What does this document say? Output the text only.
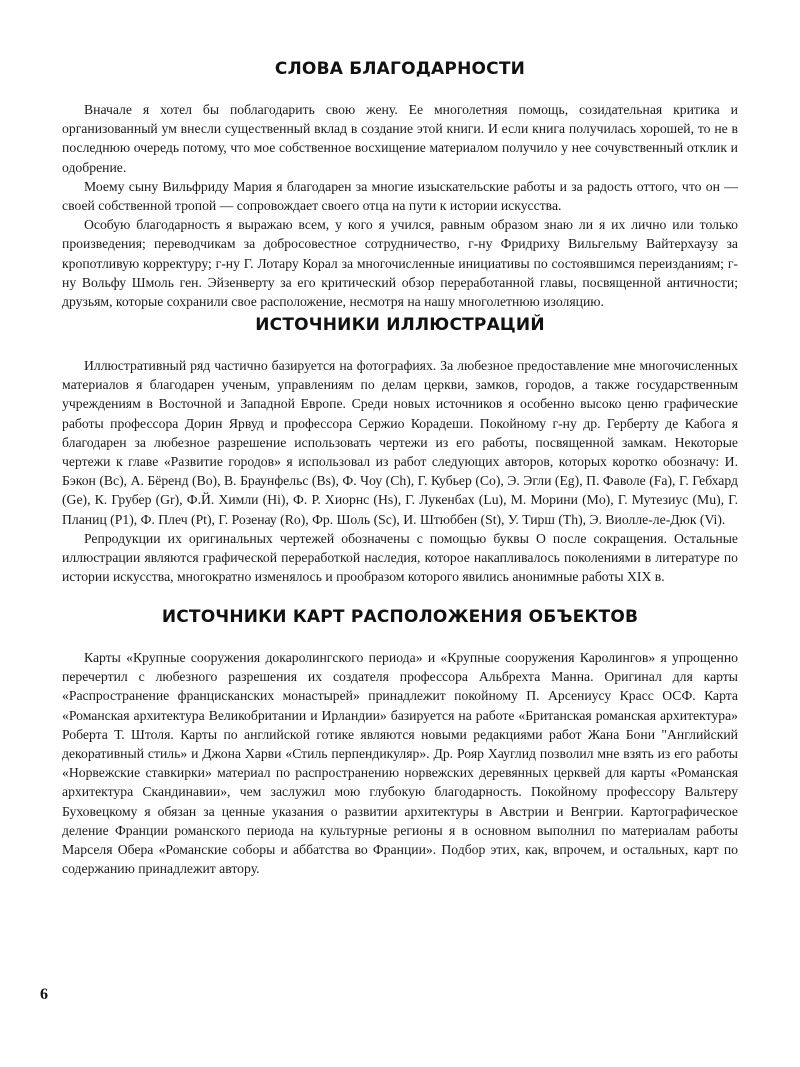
СЛОВА БЛАГОДАРНОСТИ

Вначале я хотел бы поблагодарить свою жену. Ее многолетняя помощь, созидательная критика и организованный ум внесли существенный вклад в создание этой книги. И если книга получилась хорошей, то не в последнюю очередь потому, что мое собственное восхищение материалом получило у нее сочувственный отклик и одобрение.

Моему сыну Вильфриду Мария я благодарен за многие изыскательские работы и за радость оттого, что он — своей собственной тропой — сопровождает своего отца на пути к истории искусства.

Особую благодарность я выражаю всем, у кого я учился, равным образом знаю ли я их лично или только произведения; переводчикам за добросовестное сотрудничество, г-ну Фридриху Вильгельму Вайтерхаузу за кропотливую корректуру; г-ну Г. Лотару Корал за многочисленные инициативы по состоявшимся переизданиям; г-ну Вольфу Шмоль ген. Эйзенверту за его критический обзор переработанной главы, посвященной античности; друзьям, которые сохранили свое расположение, несмотря на нашу многолетнюю изоляцию.

ИСТОЧНИКИ ИЛЛЮСТРАЦИЙ

Иллюстративный ряд частично базируется на фотографиях. За любезное предоставление мне многочисленных материалов я благодарен ученым, управлениям по делам церкви, замков, городов, а также государственным учреждениям в Восточной и Западной Европе. Среди новых источников я особенно высоко ценю графические работы профессора Дорин Ярвуд и профессора Сержио Корадеши. Покойному г-ну др. Герберту де Кабога я благодарен за любезное разрешение использовать чертежи из его работы, посвященной замкам. Некоторые чертежи к главе «Развитие городов» я использовал из работ следующих авторов, которых коротко обозначу: И. Бэкон (Bc), А. Бёренд (Bo), В. Браунфельс (Bs), Ф. Чоу (Ch), Г. Кубьер (Co), Э. Эгли (Eg), П. Фаволе (Fa), Г. Гебхард (Ge), К. Грубер (Gr), Ф.Й. Химли (Hi), Ф. Р. Хиорнс (Hs), Г. Лукенбах (Lu), М. Морини (Mo), Г. Мутезиус (Mu), Г. Планиц (P1), Ф. Плеч (Pt), Г. Розенау (Ro), Фр. Шоль (Sc), И. Штюббен (St), У. Тирш (Th), Э. Виолле-ле-Дюк (Vi).

Репродукции их оригинальных чертежей обозначены с помощью буквы О после сокращения. Остальные иллюстрации являются графической переработкой наследия, которое накапливалось поколениями в литературе по истории искусства, многократно изменялось и прообразом которого явились анонимные работы XIX в.

ИСТОЧНИКИ КАРТ РАСПОЛОЖЕНИЯ ОБЪЕКТОВ

Карты «Крупные сооружения докаролингского периода» и «Крупные сооружения Каролингов» я упрощенно перечертил с любезного разрешения их создателя профессора Альбрехта Манна. Оригинал для карты «Распространение францисканских монастырей» принадлежит покойному П. Арсениусу Красс ОСФ. Карта «Романская архитектура Великобритании и Ирландии» базируется на работе «Британская романская архитектура» Роберта Т. Штоля. Карты по английской готике являются новыми редакциями работ Жана Бони "Английский декоративный стиль» и Джона Харви «Стиль перпендикуляр». Др. Рояр Хауглид позволил мне взять из его работы «Норвежские ставкирки» материал по распространению норвежских деревянных церквей для карты «Романская архитектура Скандинавии», чем заслужил мою глубокую благодарность. Покойному профессору Вальтеру Буховецкому я обязан за ценные указания о развитии архитектуры в Австрии и Венгрии. Картографическое деление Франции романского периода на культурные регионы я в основном выполнил по материалам работы Марселя Обера «Романские соборы и аббатства во Франции». Подбор этих, как, впрочем, и остальных, карт по содержанию принадлежит автору.

6
